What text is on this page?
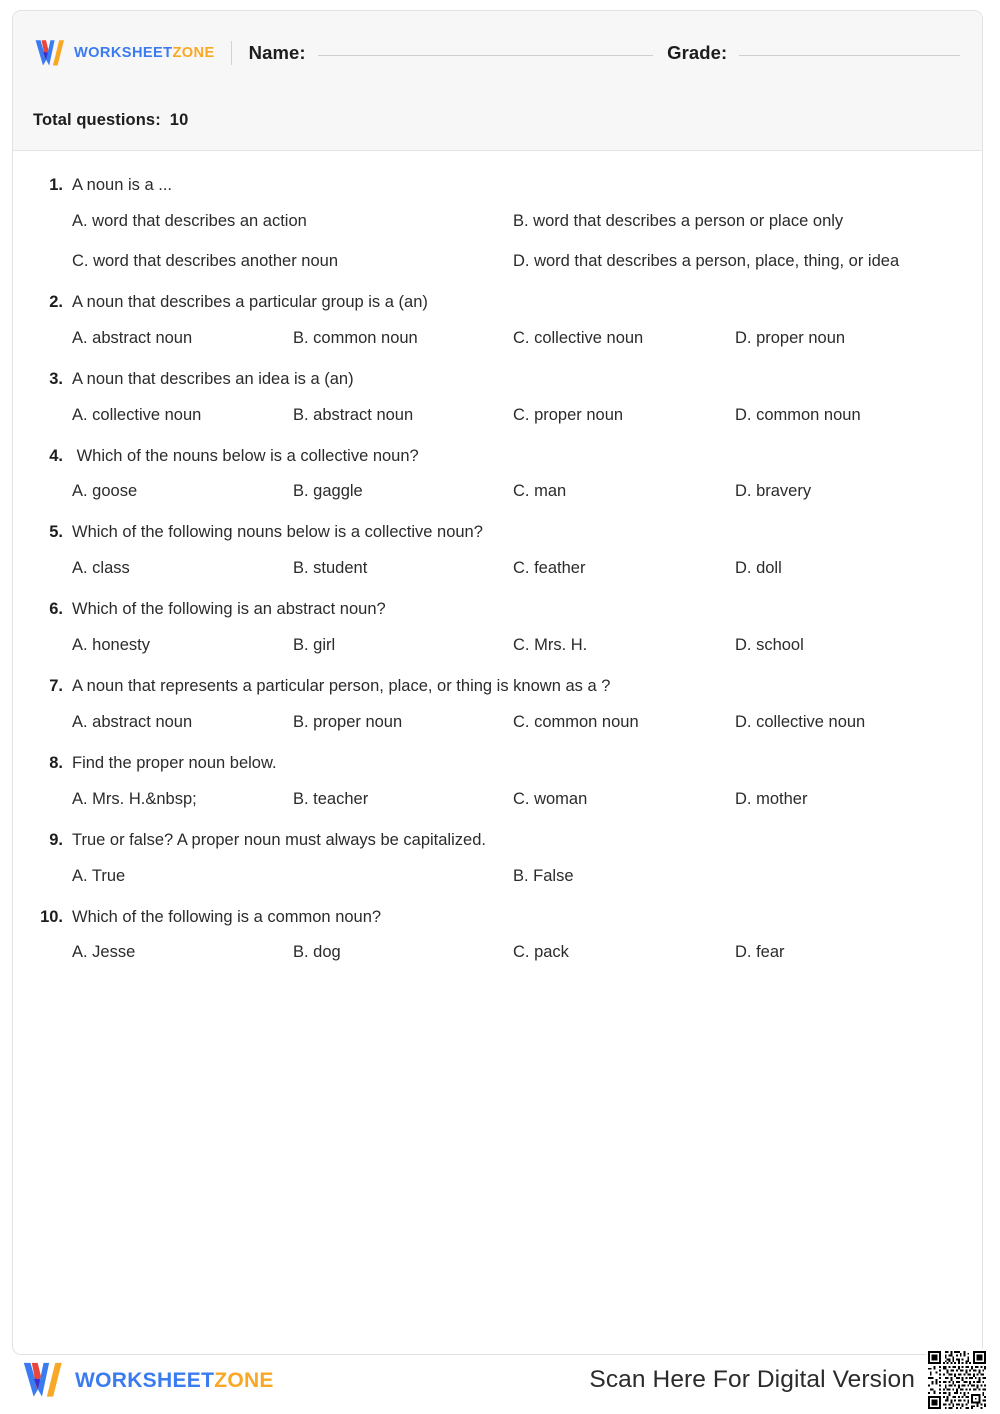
WORKSHEETZONE Name:	Grade:
Total questions: 10
1. A noun is a ...
A. word that describes an action	B. word that describes a person or place only
C. word that describes another noun	D. word that describes a person, place, thing, or idea
2. A noun that describes a particular group is a (an)
A. abstract noun	B. common noun	C. collective noun	D. proper noun
3. A noun that describes an idea is a (an)
A. collective noun	B. abstract noun	C. proper noun	D. common noun
4. Which of the nouns below is a collective noun?
A. goose	B. gaggle	C. man	D. bravery
5. Which of the following nouns below is a collective noun?
A. class	B. student	C. feather	D. doll
6. Which of the following is an abstract noun?
A. honesty	B. girl	C. Mrs. H.	D. school
7. A noun that represents a particular person, place, or thing is known as a ?
A. abstract noun	B. proper noun	C. common noun	D. collective noun
8. Find the proper noun below.
A. Mrs. H.&nbsp;	B. teacher	C. woman	D. mother
9. True or false? A proper noun must always be capitalized.
A. True	B. False
10. Which of the following is a common noun?
A. Jesse	B. dog	C. pack	D. fear
WORKSHEETZONE	Scan Here For Digital Version
